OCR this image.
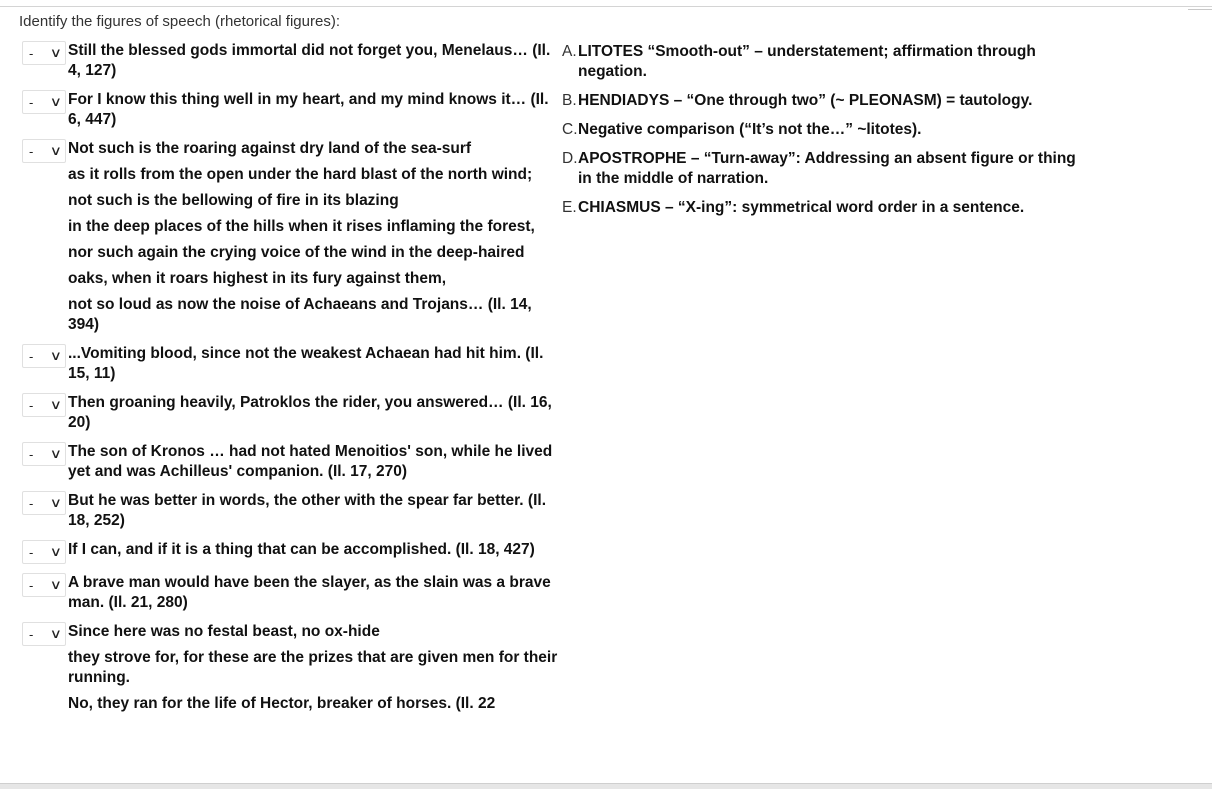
Identify the figures of speech (rhetorical figures):
- ∨ Still the blessed gods immortal did not forget you, Menelaus… (Il. 4, 127)
- ∨ For I know this thing well in my heart, and my mind knows it… (Il. 6, 447)
- ∨ Not such is the roaring against dry land of the sea-surf
as it rolls from the open under the hard blast of the north wind;
not such is the bellowing of fire in its blazing
in the deep places of the hills when it rises inflaming the forest,
nor such again the crying voice of the wind in the deep-haired
oaks, when it roars highest in its fury against them,
not so loud as now the noise of Achaeans and Trojans… (Il. 14, 394)
- ∨ ...Vomiting blood, since not the weakest Achaean had hit him. (Il. 15, 11)
- ∨ Then groaning heavily, Patroklos the rider, you answered… (Il. 16, 20)
- ∨ The son of Kronos … had not hated Menoitios' son, while he lived yet and was Achilleus' companion. (Il. 17, 270)
- ∨ But he was better in words, the other with the spear far better. (Il. 18, 252)
- ∨ If I can, and if it is a thing that can be accomplished. (Il. 18, 427)
- ∨ A brave man would have been the slayer, as the slain was a brave man. (Il. 21, 280)
- ∨ Since here was no festal beast, no ox-hide
they strove for, for these are the prizes that are given men for their running.
No, they ran for the life of Hector, breaker of horses. (Il. 22
A. LITOTES “Smooth-out” – understatement; affirmation through negation.
B. HENDIADYS – “One through two” (~ PLEONASM) = tautology.
C. Negative comparison (“It’s not the…” ~litotes).
D. APOSTROPHE – “Turn-away”: Addressing an absent figure or thing in the middle of narration.
E. CHIASMUS – “X-ing”: symmetrical word order in a sentence.
